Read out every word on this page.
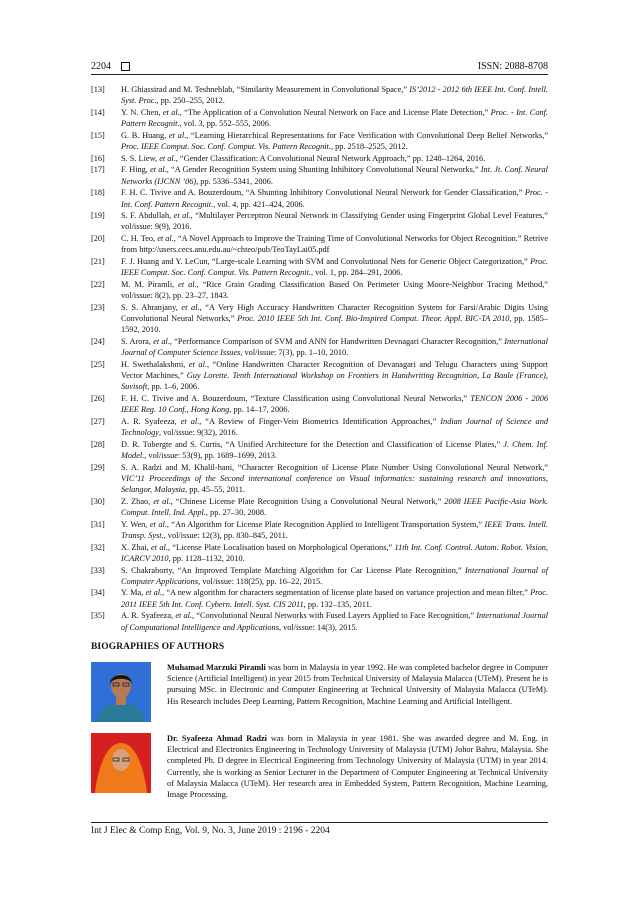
2204	ISSN: 2088-8708
[13] H. Ghiassirad and M. Teshnehlab, “Similarity Measurement in Convolutional Space,” IS’2012 - 2012 6th IEEE Int. Conf. Intell. Syst. Proc., pp. 250–255, 2012.
[14] Y. N. Chen, et al., “The Application of a Convolution Neural Network on Face and License Plate Detection,” Proc. - Int. Conf. Pattern Recognit., vol. 3, pp. 552–555, 2006.
[15] G. B. Huang, et al., “Learning Hierarchical Representations for Face Verification with Convolutional Deep Belief Networks,” Proc. IEEE Comput. Soc. Conf. Comput. Vis. Pattern Recognit., pp. 2518–2525, 2012.
[16] S. S. Liew, et al., “Gender Classification: A Convolutional Neural Network Approach,” pp. 1248–1264, 2016.
[17] F. Hing, et al., “A Gender Recognition System using Shunting Inhibitory Convolutional Neural Networks,” Int. Jt. Conf. Neural Networks (IJCNN ’06), pp. 5336–5341, 2006.
[18] F. H. C. Tivive and A. Bouzerdoum, “A Shunting Inhibitory Convolutional Neural Network for Gender Classification,” Proc. - Int. Conf. Pattern Recognit., vol. 4, pp. 421–424, 2006.
[19] S. F. Abdullah, et al., “Multilayer Perceptron Neural Network in Classifying Gender using Fingerprint Global Level Features,” vol/issue: 9(9), 2016.
[20] C. H. Teo, et al., “A Novel Approach to Improve the Training Time of Convolutional Networks for Object Recognition.” Retrive from http://users.cecs.anu.edu.au/~chteo/pub/TeoTayLai05.pdf
[21] F. J. Huang and Y. LeCun, “Large-scale Learning with SVM and Convolutional Nets for Generic Object Categorization,” Proc. IEEE Comput. Soc. Conf. Comput. Vis. Pattern Recognit., vol. 1, pp. 284–291, 2006.
[22] M. M. Piramli, et al., “Rice Grain Grading Classification Based On Perimeter Using Moore-Neighbor Tracing Method,” vol/issue: 8(2), pp. 23–27, 1843.
[23] S. S. Ahranjany, et al., “A Very High Accuracy Handwritten Character Recognition System for Farsi/Arabic Digits Using Convolutional Neural Networks,” Proc. 2010 IEEE 5th Int. Conf. Bio-Inspired Comput. Theor. Appl. BIC-TA 2010, pp. 1585–1592, 2010.
[24] S. Arora, et al., “Performance Comparison of SVM and ANN for Handwritten Devnagari Character Recognition,” International Journal of Computer Science Issues, vol/issue: 7(3), pp. 1–10, 2010.
[25] H. Swethalakshmi, et al., “Online Handwritten Character Recognition of Devanagari and Telugu Characters using Support Vector Machines,” Guy Lorette. Tenth International Workshop on Frontiers in Handwriting Recognition, La Baule (France), Suvisoft, pp. 1–6, 2006.
[26] F. H. C. Tivive and A. Bouzerdoum, “Texture Classification using Convolutional Neural Networks,” TENCON 2006 - 2006 IEEE Reg. 10 Conf., Hong Kong, pp. 14–17, 2006.
[27] A. R. Syafeeza, et al., “A Review of Finger-Vein Biometrics Identification Approaches,” Indian Journal of Science and Technology, vol/issue: 9(32), 2016.
[28] D. R. Tobergte and S. Curtis, “A Unified Architecture for the Detection and Classification of License Plates,” J. Chem. Inf. Model., vol/issue: 53(9), pp. 1689–1699, 2013.
[29] S. A. Radzi and M. Khalil-hani, “Character Recognition of License Plate Number Using Convolutional Neural Network,” VIC’11 Proceedings of the Second international conference on Visual informatics: sustaining research and innovations, Selangor, Malaysia, pp. 45–55, 2011.
[30] Z. Zhao, et al., “Chinese License Plate Recognition Using a Convolutional Neural Network,” 2008 IEEE Pacific-Asia Work. Comput. Intell. Ind. Appl., pp. 27–30, 2008.
[31] Y. Wen, et al., “An Algorithm for License Plate Recognition Applied to Intelligent Transportation System,” IEEE Trans. Intell. Transp. Syst., vol/issue: 12(3), pp. 830–845, 2011.
[32] X. Zhai, et al., “License Plate Localisation based on Morphological Operations,” 11th Int. Conf. Control. Autom. Robot. Vision, ICARCV 2010, pp. 1128–1132, 2010.
[33] S. Chakraborty, “An Improved Template Matching Algorithm for Car License Plate Recognition,” International Journal of Computer Applications, vol/issue: 118(25), pp. 16–22, 2015.
[34] Y. Ma, et al., “A new algorithm for characters segmentation of license plate based on variance projection and mean filter,” Proc. 2011 IEEE 5th Int. Conf. Cybern. Intell. Syst. CIS 2011, pp. 132–135, 2011.
[35] A. R. Syafeeza, et al., “Convolutional Neural Networks with Fused Layers Applied to Face Recognition,” International Journal of Computational Intelligence and Applications, vol/issue: 14(3), 2015.
BIOGRAPHIES OF AUTHORS
Muhamad Marzuki Piramli was born in Malaysia in year 1992. He was completed bachelor degree in Computer Science (Artificial Intelligent) in year 2015 from Technical University of Malaysia Malacca (UTeM). Present he is pursuing MSc. in Electronic and Computer Engineering at Technical University of Malaysia Malacca (UTeM). His Research includes Deep Learning, Pattern Recognition, Machine Learning and Artificial Intelligent.
Dr. Syafeeza Ahmad Radzi was born in Malaysia in year 1981. She was awarded degree and M. Eng. in Electrical and Electronics Engineering in Technology University of Malaysia (UTM) Johor Bahru, Malaysia. She completed Ph. D degree in Electrical Engineering from Technology University of Malaysia (UTM) in year 2014. Currently, she is working as Senior Lecturer in the Department of Computer Engineering at Technical University of Malaysia Malacca (UTeM). Her research area in Embedded System, Pattern Recognition, Machine Learning, Image Processing.
Int J Elec & Comp Eng, Vol. 9, No. 3, June 2019 : 2196 - 2204
